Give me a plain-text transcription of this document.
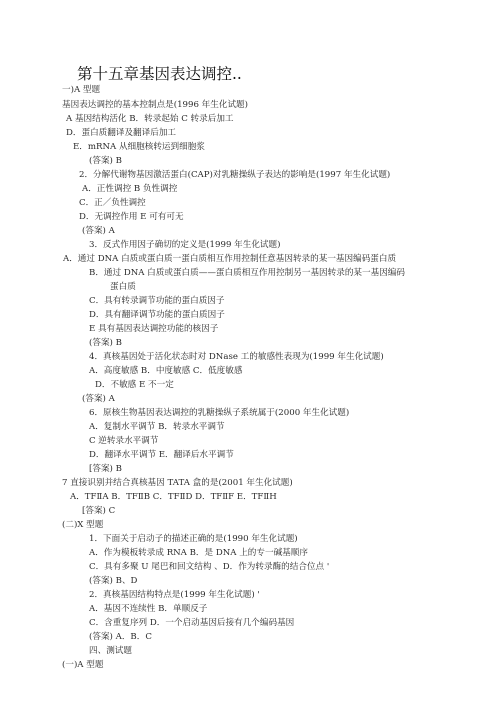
第十五章基因表达调控..
一)A 型题
基因表达调控的基本控制点是(1996 年生化试题)
A 基因结构活化 B．转录起始 C 转录后加工
D．蛋白质翻译及翻译后加工
E．mRNA 从细胞核转运到细胞浆
(答案) B
2．分解代谢物基因激活蛋白(CAP)对乳糖操纵子表达的影响是(1997 年生化试题)
A．正性调控 B 负性调控
C．正／负性调控
D．无调控作用 E 可有可无
(答案) A
3．反式作用因子确切的定义是(1999 年生化试题)
A．通过 DNA 白质或蛋白质一蛋白质相互作用控制任意基因转录的某一基因编码蛋白质
B．通过 DNA 白质或蛋白质——蛋白质相互作用控制另一基因转录的某一基因编码
蛋白质
C．具有转录调节功能的蛋白质因子
D．具有翻译调节功能的蛋白质因子
E 具有基因表达调控功能的核因子
(答案) B
4．真核基因处于活化状态时对 DNase 工的敏感性表现为(1999 年生化试题)
A．高度敏感 B．中度敏感 C．低度敏感
D．不敏感 E 不一定
(答案) A
6．原核生物基因表达调控的乳糖操纵子系统属于(2000 年生化试题)
A．复制水平调节 B．转录水平调节
C 逆转录水平调节
D．翻译水平调节 E．翻译后水平调节
[答案) B
7 直接识别并结合真核基因 TATA 盒的是(2001 年生化试题)
A．TFⅡA B．TFⅡB C．TFⅡD D．TFⅡF E．TFⅡH
[答案) C
(二)X 型题
1．下面关于启动子的描述正确的是(1990 年生化试题)
A．作为模板转录成 RNA B．是 DNA 上的专一碱基顺序
C．具有多聚 U 尾巴和回文结构 、D．作为转录酶的结合位点 '
(答案) B、D
2．真核基因结构特点是(1999 年生化试题) '
A．基因不连续性 B．单顺反子
C．含重复序列 D．一个启动基因后接有几个编码基因
(答案) A．B．C
四、测试题
(一)A 型题
